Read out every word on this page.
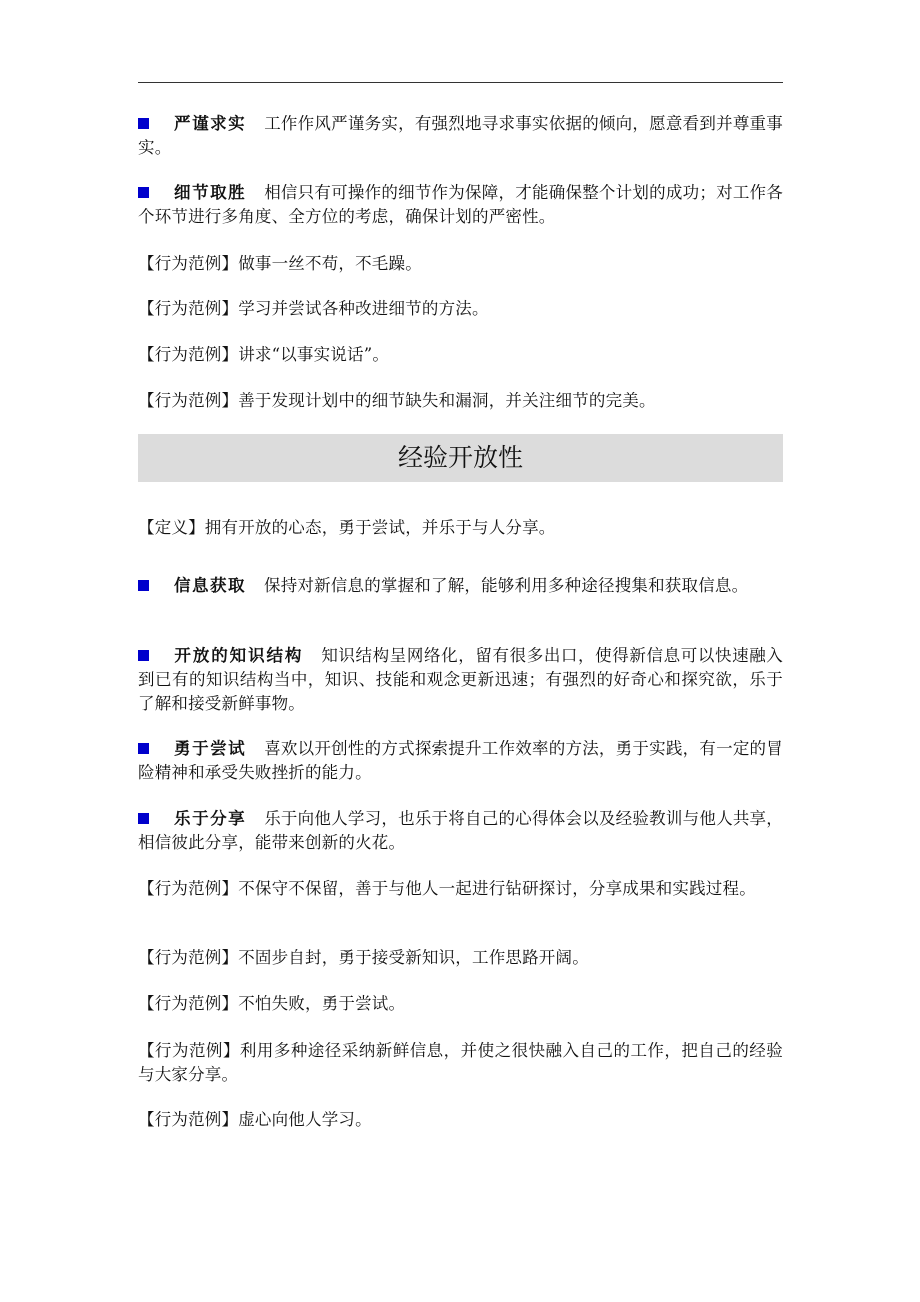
严谨求实 工作作风严谨务实，有强烈地寻求事实依据的倾向，愿意看到并尊重事实。

细节取胜 相信只有可操作的细节作为保障，才能确保整个计划的成功；对工作各个环节进行多角度、全方位的考虑，确保计划的严密性。

【行为范例】做事一丝不苟，不毛躁。

【行为范例】学习并尝试各种改进细节的方法。

【行为范例】讲求“以事实说话”。

【行为范例】善于发现计划中的细节缺失和漏洞，并关注细节的完美。

经验开放性

【定义】拥有开放的心态，勇于尝试，并乐于与人分享。

信息获取 保持对新信息的掌握和了解，能够利用多种途径搜集和获取信息。

开放的知识结构 知识结构呈网络化，留有很多出口，使得新信息可以快速融入到已有的知识结构当中，知识、技能和观念更新迅速；有强烈的好奇心和探究欲，乐于了解和接受新鲜事物。

勇于尝试 喜欢以开创性的方式探索提升工作效率的方法，勇于实践，有一定的冒险精神和承受失败挫折的能力。

乐于分享 乐于向他人学习，也乐于将自己的心得体会以及经验教训与他人共享，相信彼此分享，能带来创新的火花。

【行为范例】不保守不保留，善于与他人一起进行钻研探讨，分享成果和实践过程。

【行为范例】不固步自封，勇于接受新知识，工作思路开阔。

【行为范例】不怕失败，勇于尝试。

【行为范例】利用多种途径采纳新鲜信息，并使之很快融入自己的工作，把自己的经验与大家分享。

【行为范例】虚心向他人学习。
